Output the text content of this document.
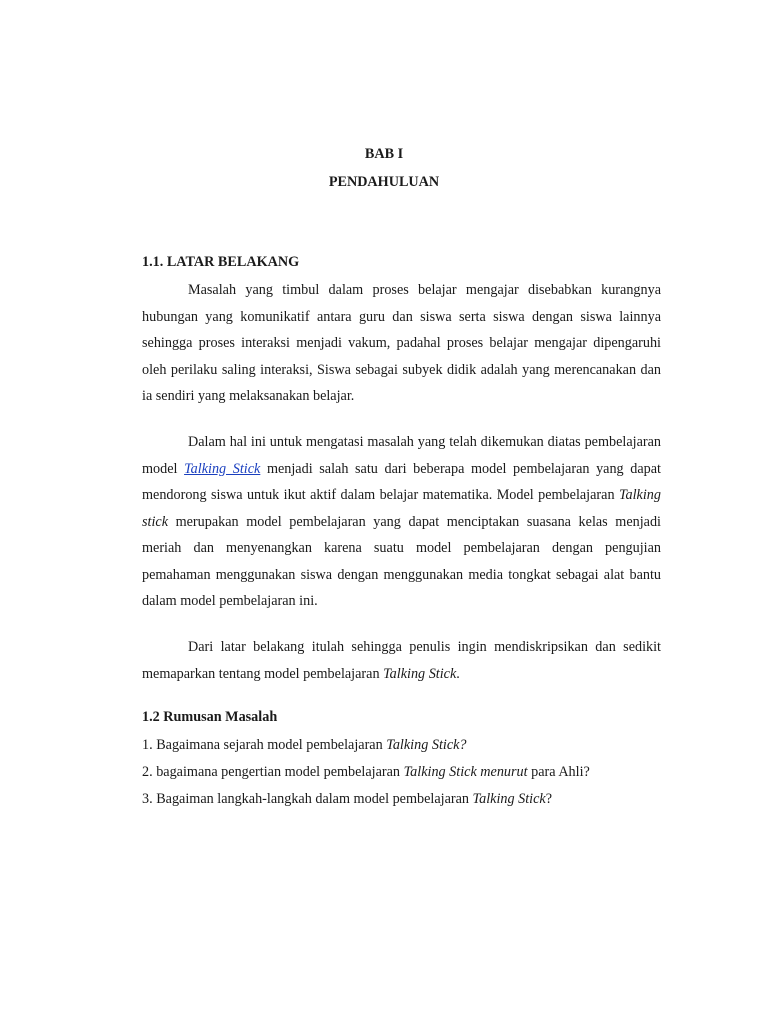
BAB I
PENDAHULUAN
1.1. LATAR BELAKANG

Masalah yang timbul dalam proses belajar mengajar disebabkan kurangnya hubungan yang komunikatif antara guru dan siswa serta siswa dengan siswa lainnya sehingga proses interaksi menjadi vakum, padahal proses belajar mengajar dipengaruhi oleh perilaku saling interaksi, Siswa sebagai subyek didik adalah yang merencanakan dan ia sendiri yang melaksanakan belajar.

Dalam hal ini untuk mengatasi masalah yang telah dikemukan diatas pembelajaran model Talking Stick menjadi salah satu dari beberapa model pembelajaran yang dapat mendorong siswa untuk ikut aktif dalam belajar matematika. Model pembelajaran Talking stick merupakan model pembelajaran yang dapat menciptakan suasana kelas menjadi meriah dan menyenangkan karena suatu model pembelajaran dengan pengujian pemahaman menggunakan siswa dengan menggunakan media tongkat sebagai alat bantu dalam model pembelajaran ini.

Dari latar belakang itulah sehingga penulis ingin mendiskripsikan dan sedikit memaparkan tentang model pembelajaran Talking Stick.

1.2 Rumusan Masalah
1. Bagaimana sejarah model pembelajaran Talking Stick?
2. bagaimana pengertian model pembelajaran Talking Stick menurut para Ahli?
3. Bagaiman langkah-langkah dalam model pembelajaran Talking Stick?
